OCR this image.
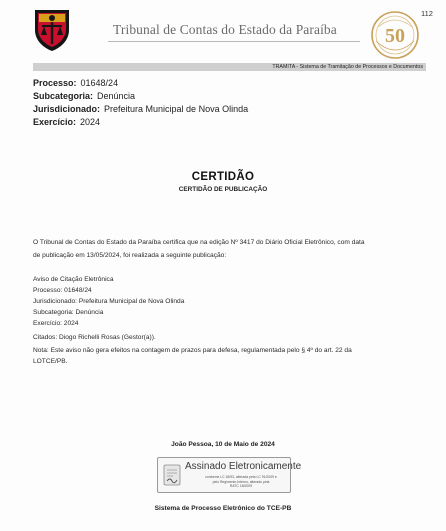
Tribunal de Contas do Estado da Paraíba 50
112
TRAMITA - Sistema de Tramitação de Processos e Documentos
Processo: 01648/24
Subcategoria: Denúncia
Jurisdicionado: Prefeitura Municipal de Nova Olinda
Exercício: 2024
CERTIDÃO
CERTIDÃO DE PUBLICAÇÃO
O Tribunal de Contas do Estado da Paraíba certifica que na edição Nº 3417 do Diário Oficial Eletrônico, com data
de publicação em 13/05/2024, foi realizada a seguinte publicação:
Aviso de Citação Eletrônica
Processo: 01648/24
Jurisdicionado: Prefeitura Municipal de Nova Olinda
Subcategoria: Denúncia
Exercício: 2024
Citados: Diogo Richelli Rosas (Gestor(a)).
Nota: Este aviso não gera efeitos na contagem de prazos para defesa, regulamentada pelo § 4º do art. 22 da
LOTCE/PB.
João Pessoa, 10 de Maio de 2024
Assinado Eletronicamente
conforme LC 18/93, alterada pela LC 91/2009 e
pelo Regimento Interno, alterado pela
RATC 18/2009
Sistema de Processo Eletrônico do TCE-PB
